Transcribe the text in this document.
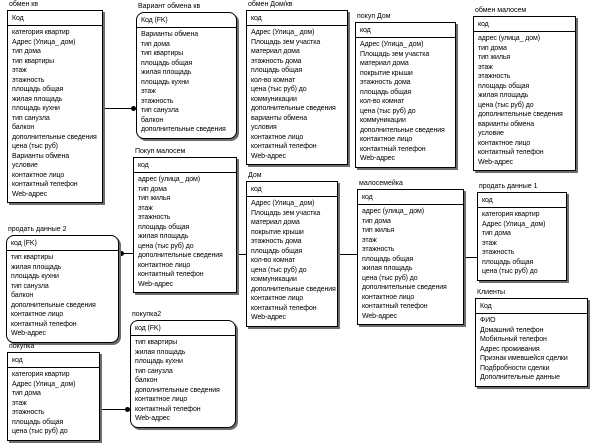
обмен кв
Код
категория квартир
Адрес (Улица_ дом)
тип дома
тип квартиры
этаж
этажность
площадь общая
жилая площадь
площадь кухни
тип санузла
балкон
дополнительные сведения
цена (тыс руб)
Варианты обмена
условие
контактное лицо
контактный телефон
Web-адрес
Вариант обмена кв
Код (FK)
Варианты обмена
тип дома
тип квартиры
площадь общая
жилая площадь
площадь кухни
этаж
этажность
тип санузла
балкон
дополнительные сведения
обмен Дом/кв
код
Адрес (Улица_ дом)
Площадь зем участка
материал дома
этажность дома
площадь общая
кол-во комнат
цена (тыс руб) до
коммуникации
дополнительные сведения
варианты обмена
условия
контактное лицо
контактный телефон
Web-адрес
покуп Дом
код
Адрес (Улица_ дом)
Площадь зем участка
материал дома
покрытие крыши
этажность дома
площадь общая
кол-во комнат
цена (тыс руб) до
коммуникации
дополнительные сведения
контактное лицо
контактный телефон
Web-адрес
обмен малосем
код
адрес (улица_ дом)
тип дома
тип жилья
этаж
этажность
площадь общая
жилая площадь
цена (тыс руб) до
дополнительные сведения
варианты обмена
условие
контактное лицо
контактный телефон
Web-адрес
продать данные 2
код (FK)
тип квартиры
жилая площадь
площадь кухни
тип санузла
балкон
дополнительные сведения
контактное лицо
контактный телефон
Web-адрес
Покуп малосем
код
адрес (улица_ дом)
тип дома
тип жилья
этаж
этажность
площадь общая
жилая площадь
цена (тыс руб) до
дополнительные сведения
контактное лицо
контактный телефон
Web-адрес
Дом
код
Адрес (Улица_ дом)
Площадь зем участка
материал дома
покрытие крыши
этажность дома
площадь общая
кол-во комнат
цена (тыс руб) до
коммуникации
дополнительные сведения
контактное лицо
контактный телефон
Web-адрес
малосемейка
код
адрес (улица_ дом)
тип дома
тип жилья
этаж
этажность
площадь общая
жилая площадь
цена (тыс руб) до
дополнительные сведения
контактное лицо
контактный телефон
Web-адрес
продать данные 1
код
категория квартир
Адрес (Улица_ дом)
тип дома
этаж
этажность
площадь общая
цена (тыс руб) до
Клиенты
Код
ФИО
Домашний телефон
Мобильный телефон
Адрес проживания
Признак имевшейся сделки
Подбробности сделки
Дополнительные данные
покупка
код
категория квартир
Адрес (Улица_ дом)
тип дома
этаж
этажность
площадь общая
цена (тыс руб) до
покупка2
код (FK)
тип квартиры
жилая площадь
площадь кухни
тип санузла
балкон
дополнительные сведения
контактное лицо
контактный телефон
Web-адрес
